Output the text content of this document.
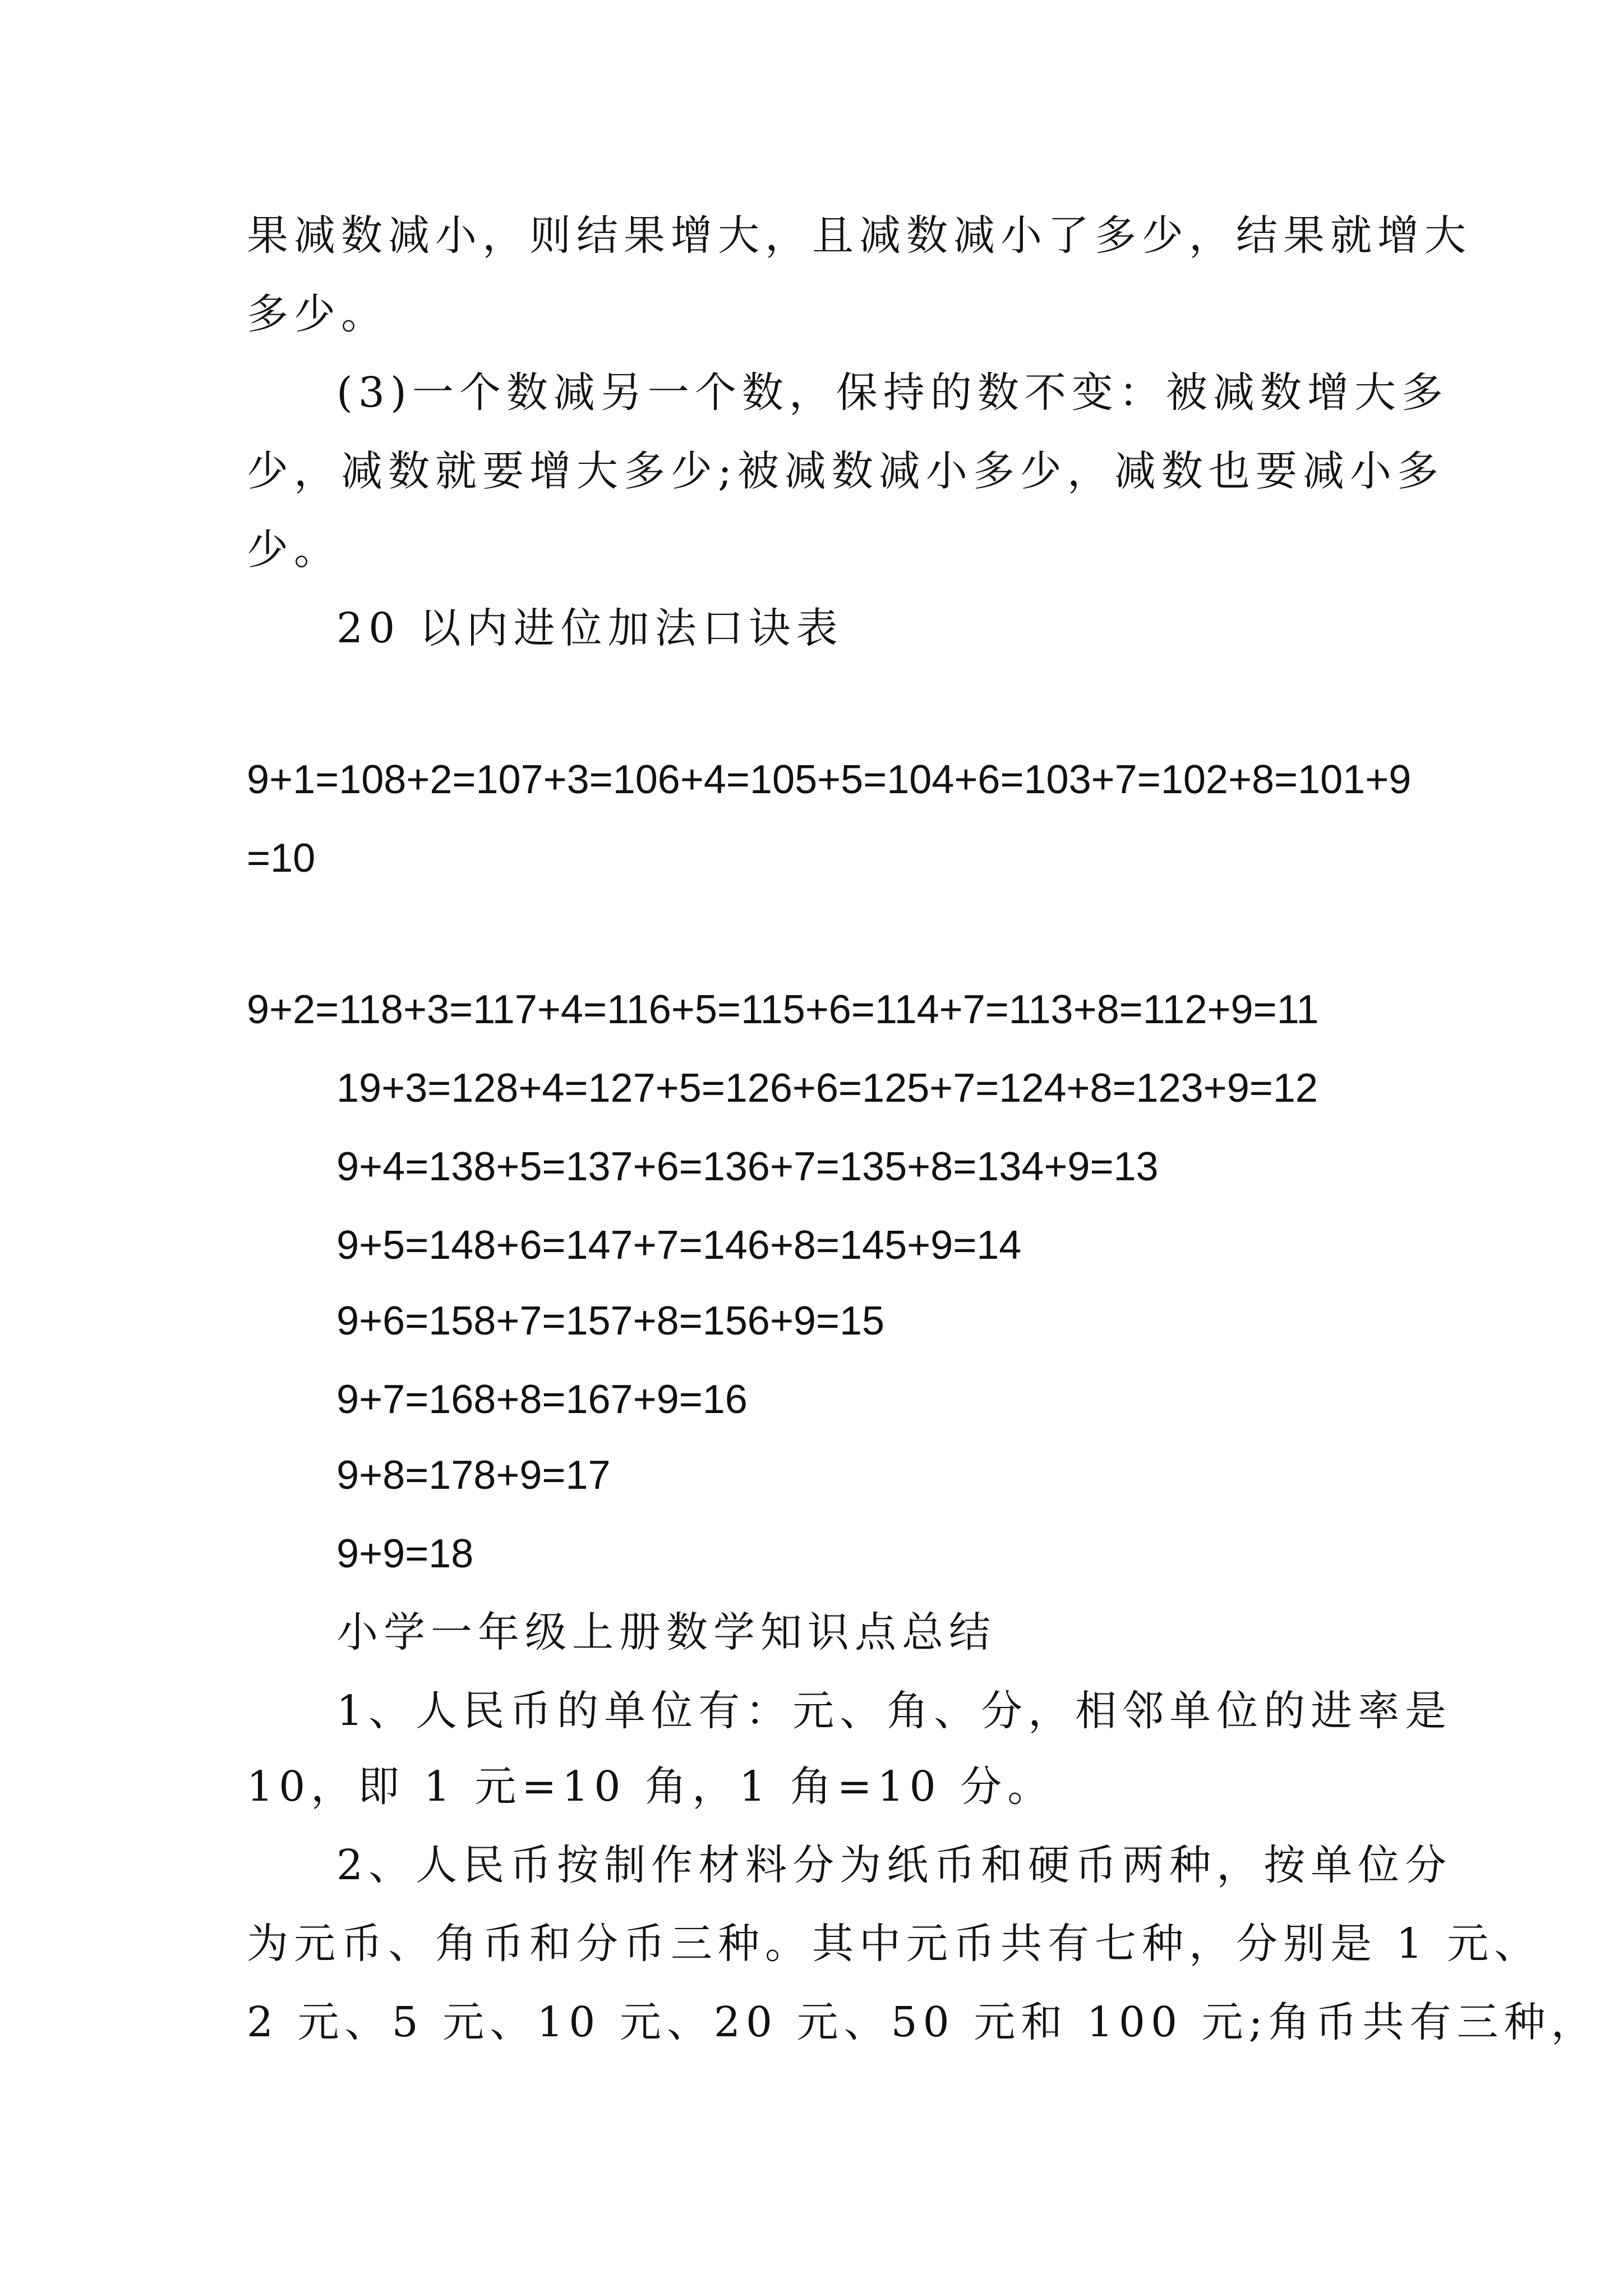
果减数减小，则结果增大，且减数减小了多少，结果就增大
多少。
(3)一个数减另一个数，保持的数不变：被减数增大多
少，减数就要增大多少;被减数减小多少，减数也要减小多
少。
20 以内进位加法口诀表
9+1=108+2=107+3=106+4=105+5=104+6=103+7=102+8=101+9
=10
9+2=118+3=117+4=116+5=115+6=114+7=113+8=112+9=11
19+3=128+4=127+5=126+6=125+7=124+8=123+9=12
9+4=138+5=137+6=136+7=135+8=134+9=13
9+5=148+6=147+7=146+8=145+9=14
9+6=158+7=157+8=156+9=15
9+7=168+8=167+9=16
9+8=178+9=17
9+9=18
小学一年级上册数学知识点总结
1、人民币的单位有：元、角、分，相邻单位的进率是
10，即 1 元=10 角，1 角=10 分。
2、人民币按制作材料分为纸币和硬币两种，按单位分
为元币、角币和分币三种。其中元币共有七种，分别是 1 元、
2 元、5 元、10 元、20 元、50 元和 100 元;角币共有三种，
